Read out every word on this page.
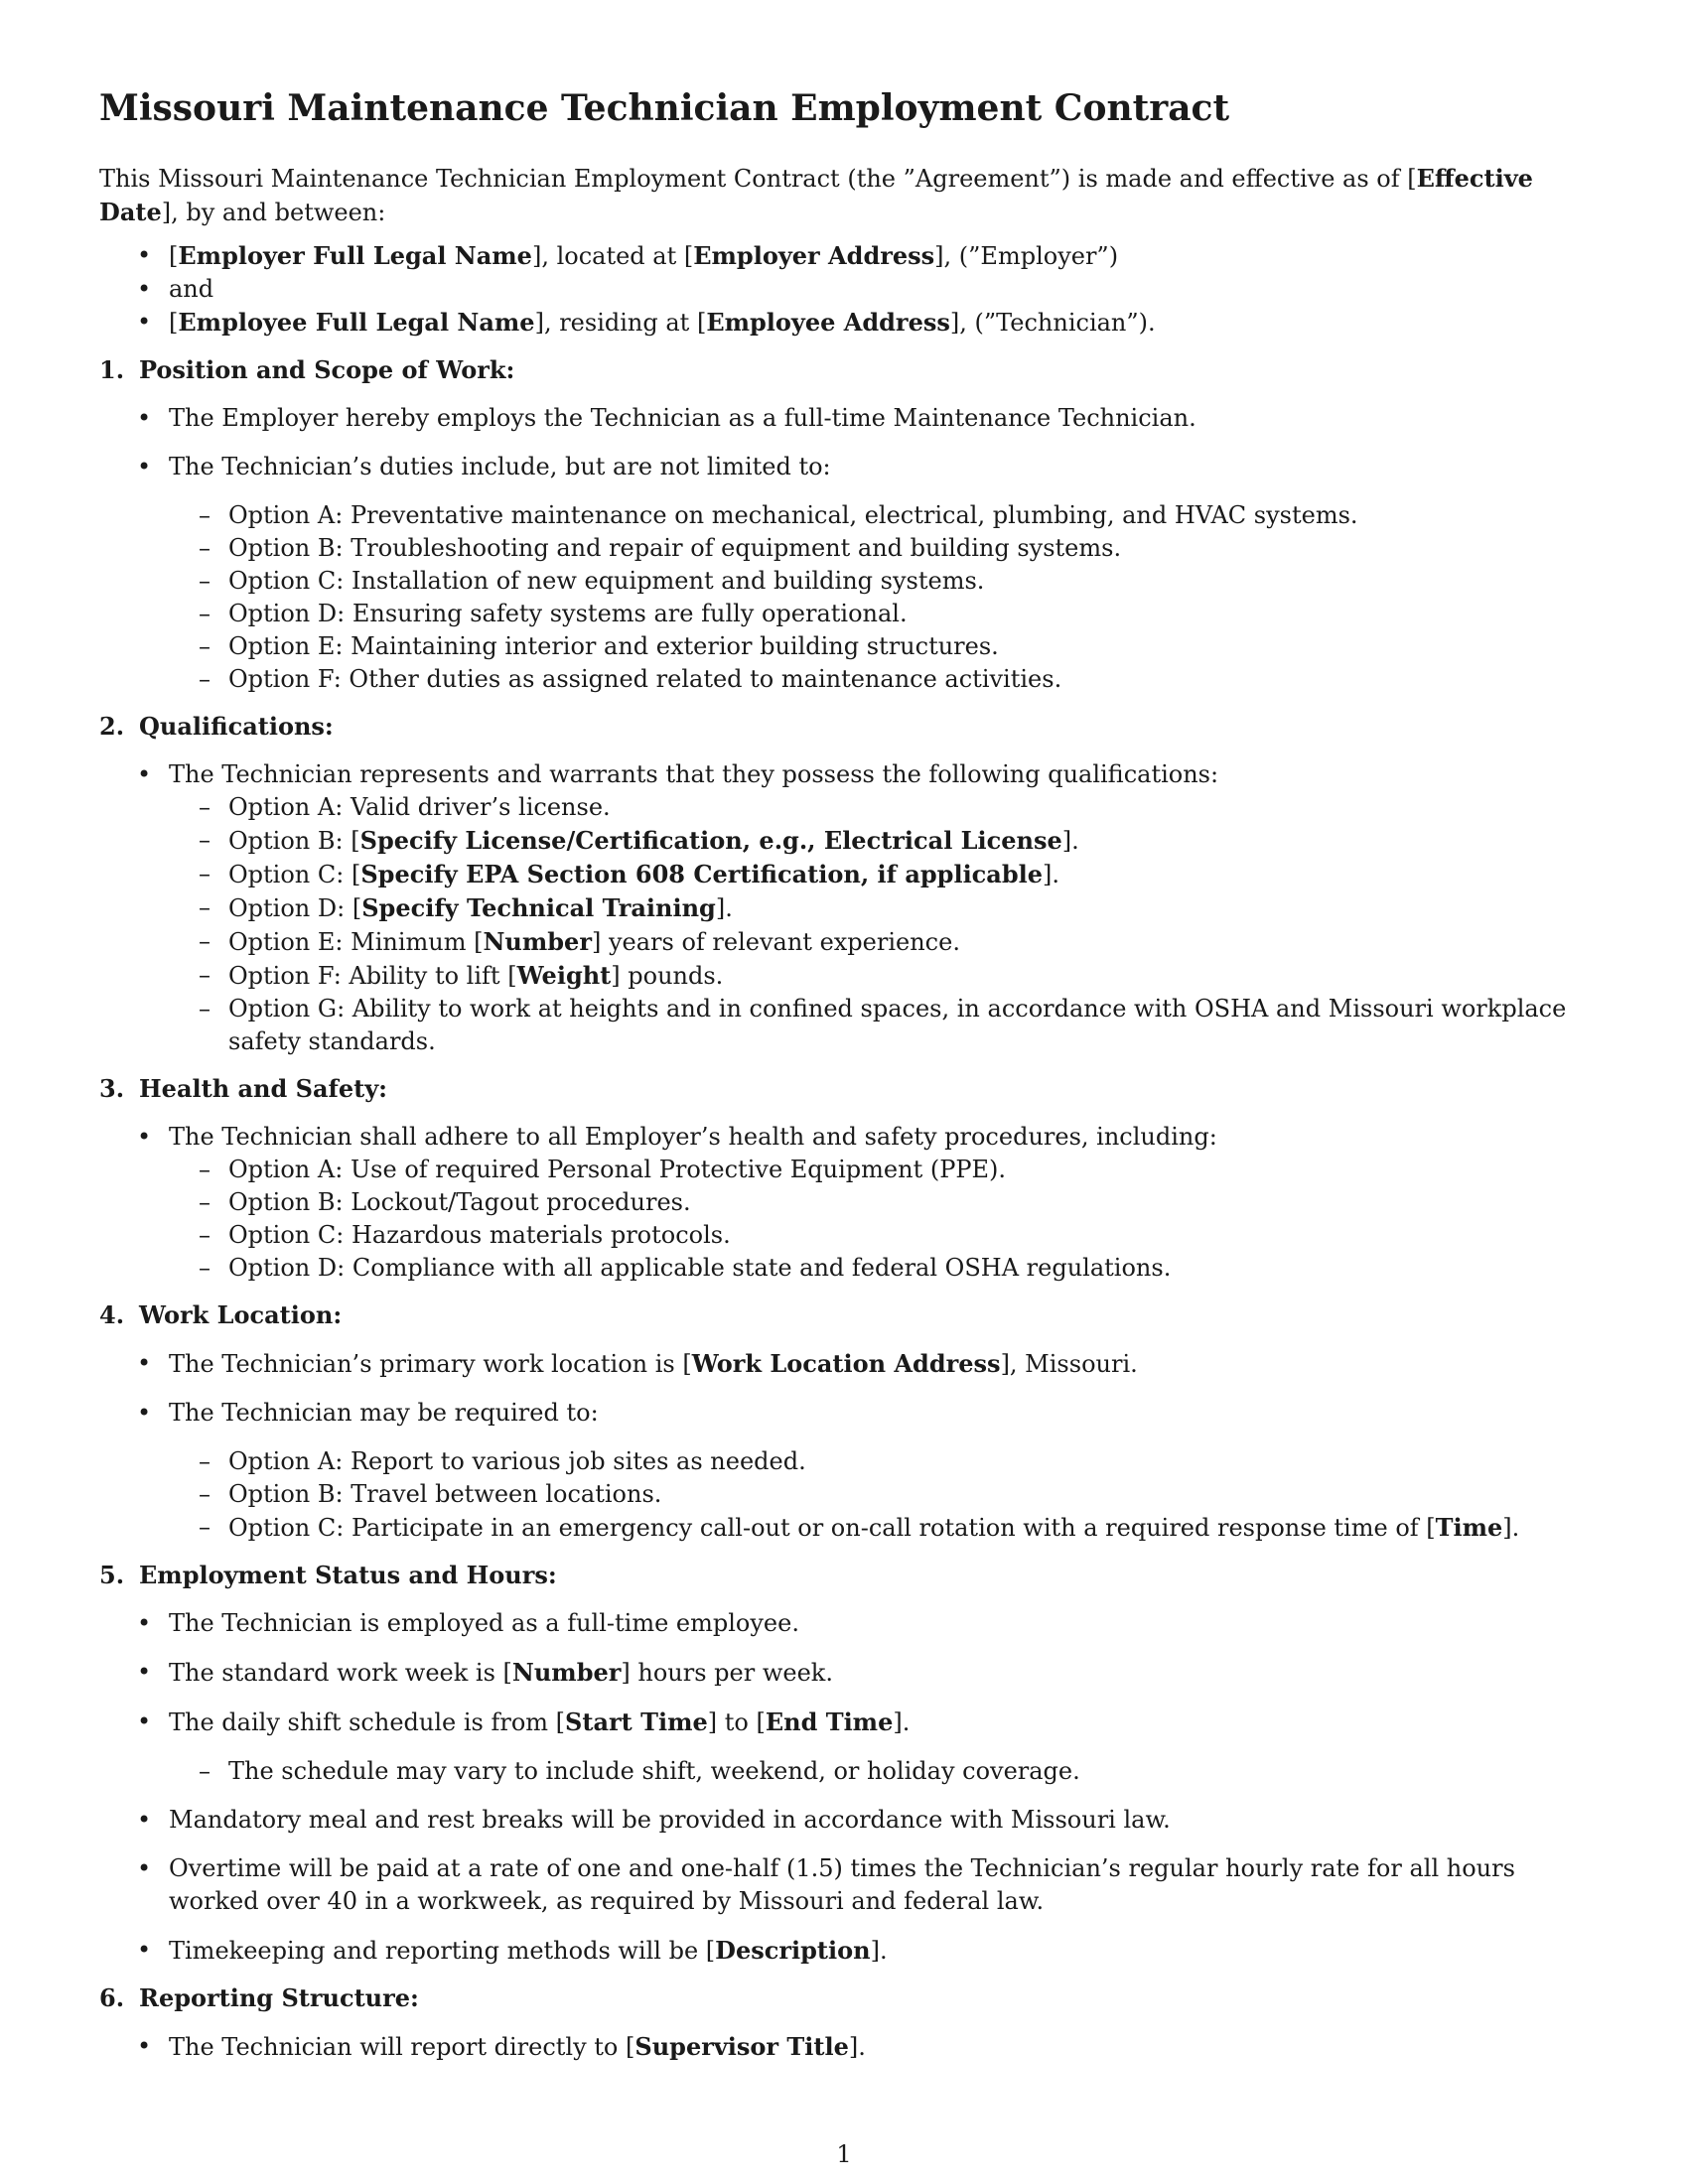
Missouri Maintenance Technician Employment Contract

This Missouri Maintenance Technician Employment Contract (the ”Agreement”) is made and effective as of [Effective Date], by and between:

• [Employer Full Legal Name], located at [Employer Address], (”Employer”)
• and
• [Employee Full Legal Name], residing at [Employee Address], (”Technician”).
1. Position and Scope of Work:
• The Employer hereby employs the Technician as a full-time Maintenance Technician.
• The Technician’s duties include, but are not limited to:
– Option A: Preventative maintenance on mechanical, electrical, plumbing, and HVAC systems.
– Option B: Troubleshooting and repair of equipment and building systems.
– Option C: Installation of new equipment and building systems.
– Option D: Ensuring safety systems are fully operational.
– Option E: Maintaining interior and exterior building structures.
– Option F: Other duties as assigned related to maintenance activities.
2. Qualifications:
• The Technician represents and warrants that they possess the following qualifications:
– Option A: Valid driver’s license.
– Option B: [Specify License/Certification, e.g., Electrical License].
– Option C: [Specify EPA Section 608 Certification, if applicable].
– Option D: [Specify Technical Training].
– Option E: Minimum [Number] years of relevant experience.
– Option F: Ability to lift [Weight] pounds.
– Option G: Ability to work at heights and in confined spaces, in accordance with OSHA and Missouri workplace safety standards.
3. Health and Safety:
• The Technician shall adhere to all Employer’s health and safety procedures, including:
– Option A: Use of required Personal Protective Equipment (PPE).
– Option B: Lockout/Tagout procedures.
– Option C: Hazardous materials protocols.
– Option D: Compliance with all applicable state and federal OSHA regulations.
4. Work Location:
• The Technician’s primary work location is [Work Location Address], Missouri.
• The Technician may be required to:
– Option A: Report to various job sites as needed.
– Option B: Travel between locations.
– Option C: Participate in an emergency call-out or on-call rotation with a required response time of [Time].
5. Employment Status and Hours:
• The Technician is employed as a full-time employee.
• The standard work week is [Number] hours per week.
• The daily shift schedule is from [Start Time] to [End Time].
– The schedule may vary to include shift, weekend, or holiday coverage.
• Mandatory meal and rest breaks will be provided in accordance with Missouri law.
• Overtime will be paid at a rate of one and one-half (1.5) times the Technician’s regular hourly rate for all hours worked over 40 in a workweek, as required by Missouri and federal law.
• Timekeeping and reporting methods will be [Description].
6. Reporting Structure:
• The Technician will report directly to [Supervisor Title].
1
